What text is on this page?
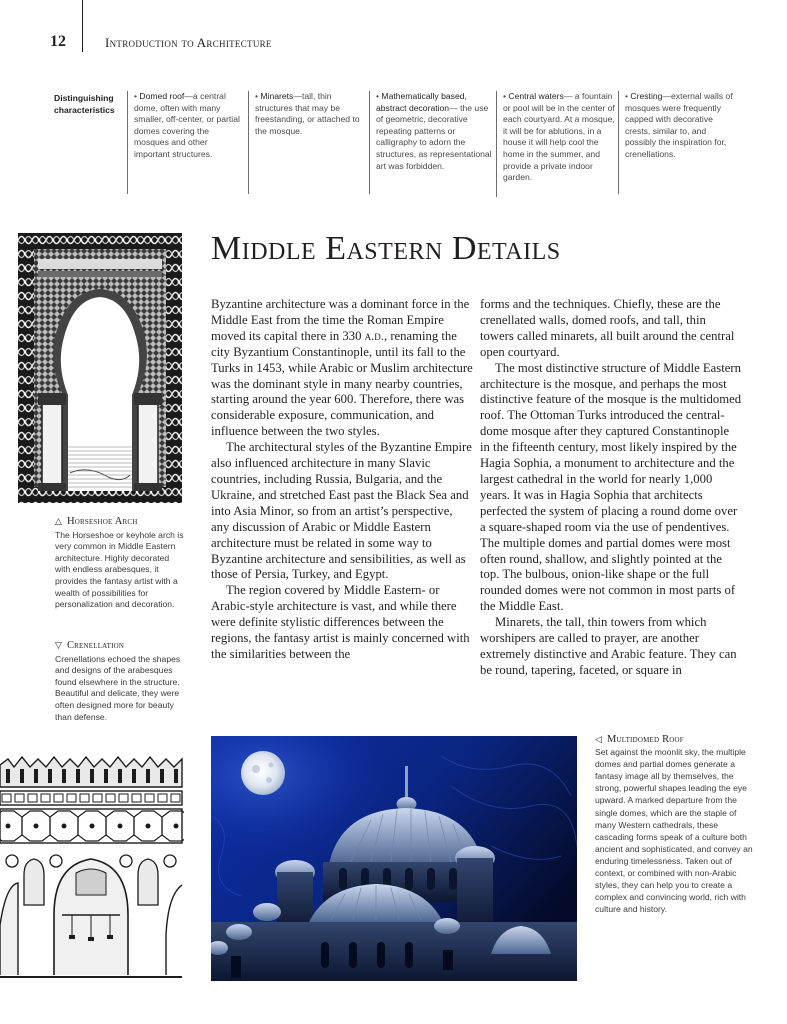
12	Introduction to Architecture
Distinguishing characteristics

• Domed roof—a central dome, often with many smaller, off-center, or partial domes covering the mosques and other important structures.

• Minarets—tall, thin structures that may be freestanding, or attached to the mosque.

• Mathematically based, abstract decoration— the use of geometric, decorative repeating patterns or calligraphy to adorn the structures, as representational art was forbidden.

• Central waters— a fountain or pool will be in the center of each courtyard. At a mosque, it will be for ablutions, in a house it will help cool the home in the summer, and provide a private indoor garden.

• Cresting—external walls of mosques were frequently capped with decorative crests, similar to, and possibly the inspiration for, crenellations.

△ Horseshoe Arch
The Horseshoe or keyhole arch is very common in Middle Eastern architecture. Highly decorated with endless arabesques, it provides the fantasy artist with a wealth of possibilities for personalization and decoration.
▽ Crenellation
Crenellations echoed the shapes and designs of the arabesques found elsewhere in the structure. Beautiful and delicate, they were often designed more for beauty than defense.
Middle Eastern Details

Byzantine architecture was a dominant force in the Middle East from the time the Roman Empire moved its capital there in 330 a.d., renaming the city Byzantium Constantinople, until its fall to the Turks in 1453, while Arabic or Muslim architecture was the dominant style in many nearby countries, starting around the year 600. Therefore, there was considerable exposure, communication, and influence between the two styles.

The architectural styles of the Byzantine Empire also influenced architecture in many Slavic countries, including Russia, Bulgaria, and the Ukraine, and stretched East past the Black Sea and into Asia Minor, so from an artist’s perspective, any discussion of Arabic or Middle Eastern architecture must be related in some way to Byzantine architecture and sensibilities, as well as those of Persia, Turkey, and Egypt.

The region covered by Middle Eastern- or Arabic-style architecture is vast, and while there were definite stylistic differences between the regions, the fantasy artist is mainly concerned with the similarities between the

forms and the techniques. Chiefly, these are the crenellated walls, domed roofs, and tall, thin towers called minarets, all built around the central open courtyard.

The most distinctive structure of Middle Eastern architecture is the mosque, and perhaps the most distinctive feature of the mosque is the multidomed roof. The Ottoman Turks introduced the central-dome mosque after they captured Constantinople in the fifteenth century, most likely inspired by the Hagia Sophia, a monument to architecture and the largest cathedral in the world for nearly 1,000 years. It was in Hagia Sophia that architects perfected the system of placing a round dome over a square-shaped room via the use of pendentives. The multiple domes and partial domes were most often round, shallow, and slightly pointed at the top. The bulbous, onion-like shape or the full rounded domes were not common in most parts of the Middle East.

Minarets, the tall, thin towers from which worshipers are called to prayer, are another extremely distinctive and Arabic feature. They can be round, tapering, faceted, or square in

◁ Multidomed Roof
Set against the moonlit sky, the multiple domes and partial domes generate a fantasy image all by themselves, the strong, powerful shapes leading the eye upward. A marked departure from the single domes, which are the staple of many Western cathedrals, these cascading forms speak of a culture both ancient and sophisticated, and convey an enduring timelessness. Taken out of context, or combined with non-Arabic styles, they can help you to create a complex and convincing world, rich with culture and history.
